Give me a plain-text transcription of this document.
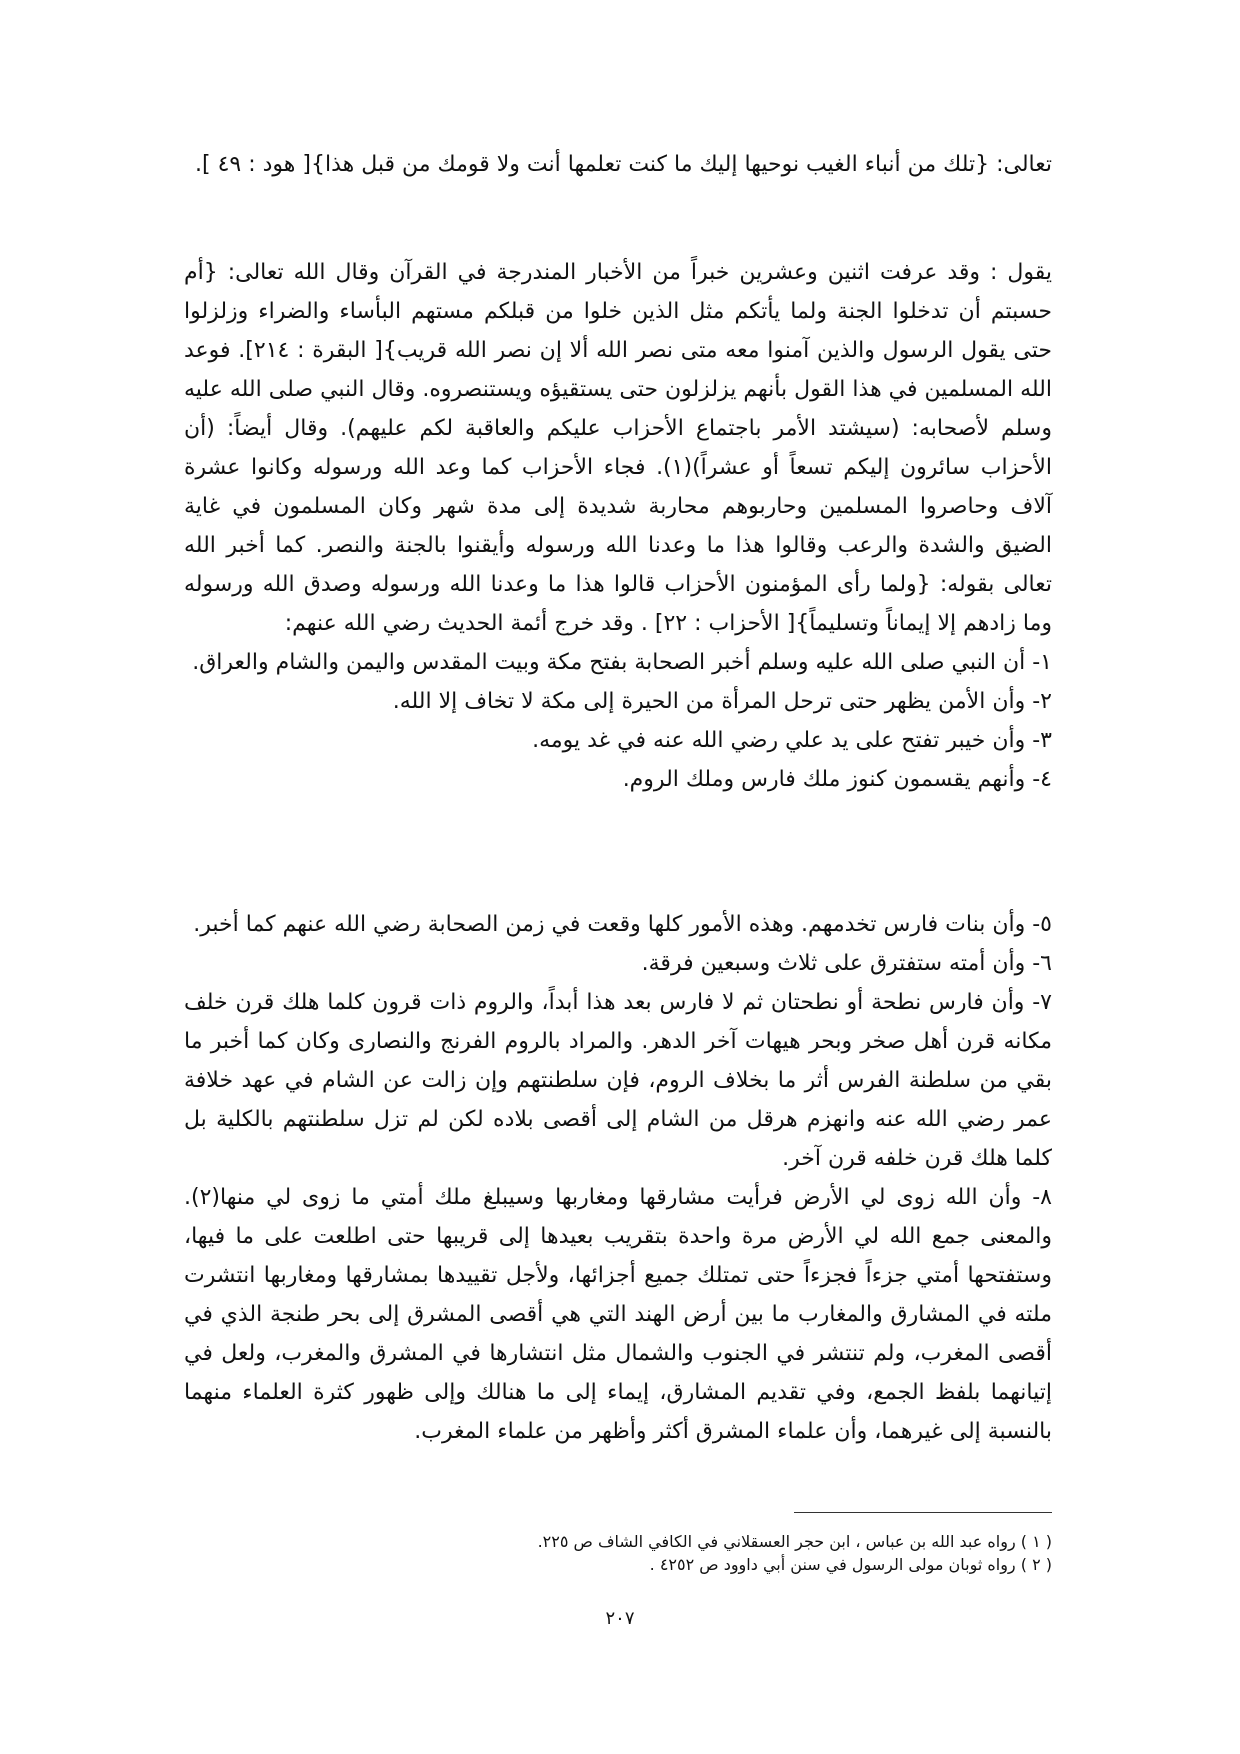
تعالى: {تلك من أنباء الغيب نوحيها إليك ما كنت تعلمها أنت ولا قومك من قبل هذا}[ هود : ٤٩ ].

يقول : وقد عرفت اثنين وعشرين خبراً من الأخبار المندرجة في القرآن وقال الله تعالى: {أم حسبتم أن تدخلوا الجنة ولما يأتكم مثل الذين خلوا من قبلكم مستهم البأساء والضراء وزلزلوا حتى يقول الرسول والذين آمنوا معه متى نصر الله ألا إن نصر الله قريب}[ البقرة : ٢١٤]. فوعد الله المسلمين في هذا القول بأنهم يزلزلون حتى يستقيؤه ويستنصروه. وقال النبي صلى الله عليه وسلم لأصحابه: (سيشتد الأمر باجتماع الأحزاب عليكم والعاقبة لكم عليهم). وقال أيضاً: (أن الأحزاب سائرون إليكم تسعاً أو عشراً)(١). فجاء الأحزاب كما وعد الله ورسوله وكانوا عشرة آلاف وحاصروا المسلمين وحاربوهم محاربة شديدة إلى مدة شهر وكان المسلمون في غاية الضيق والشدة والرعب وقالوا هذا ما وعدنا الله ورسوله وأيقنوا بالجنة والنصر. كما أخبر الله تعالى بقوله: {ولما رأى المؤمنون الأحزاب قالوا هذا ما وعدنا الله ورسوله وصدق الله ورسوله وما زادهم إلا إيماناً وتسليماً}[ الأحزاب : ٢٢] . وقد خرج أئمة الحديث رضي الله عنهم:

١- أن النبي صلى الله عليه وسلم أخبر الصحابة بفتح مكة وبيت المقدس واليمن والشام والعراق.

٢- وأن الأمن يظهر حتى ترحل المرأة من الحيرة إلى مكة لا تخاف إلا الله.

٣- وأن خيبر تفتح على يد علي رضي الله عنه في غد يومه.

٤- وأنهم يقسمون كنوز ملك فارس وملك الروم.

٥- وأن بنات فارس تخدمهم. وهذه الأمور كلها وقعت في زمن الصحابة رضي الله عنهم كما أخبر.

٦- وأن أمته ستفترق على ثلاث وسبعين فرقة.

٧- وأن فارس نطحة أو نطحتان ثم لا فارس بعد هذا أبداً، والروم ذات قرون كلما هلك قرن خلف مكانه قرن أهل صخر وبحر هيهات آخر الدهر. والمراد بالروم الفرنج والنصارى وكان كما أخبر ما بقي من سلطنة الفرس أثر ما بخلاف الروم، فإن سلطنتهم وإن زالت عن الشام في عهد خلافة عمر رضي الله عنه وانهزم هرقل من الشام إلى أقصى بلاده لكن لم تزل سلطنتهم بالكلية بل كلما هلك قرن خلفه قرن آخر.

٨- وأن الله زوى لي الأرض فرأيت مشارقها ومغاربها وسيبلغ ملك أمتي ما زوى لي منها(٢). والمعنى جمع الله لي الأرض مرة واحدة بتقريب بعيدها إلى قريبها حتى اطلعت على ما فيها، وستفتحها أمتي جزءاً فجزءاً حتى تمتلك جميع أجزائها، ولأجل تقييدها بمشارقها ومغاربها انتشرت ملته في المشارق والمغارب ما بين أرض الهند التي هي أقصى المشرق إلى بحر طنجة الذي في أقصى المغرب، ولم تنتشر في الجنوب والشمال مثل انتشارها في المشرق والمغرب، ولعل في إتيانهما بلفظ الجمع، وفي تقديم المشارق، إيماء إلى ما هنالك وإلى ظهور كثرة العلماء منهما بالنسبة إلى غيرهما، وأن علماء المشرق أكثر وأظهر من علماء المغرب.

( ١ ) رواه عبد الله بن عباس ، ابن حجر العسقلاني في الكافي الشاف ص ٢٢٥.

( ٢ ) رواه ثوبان مولى الرسول في سنن أبي داوود ص ٤٢٥٢ .

٢٠٧
